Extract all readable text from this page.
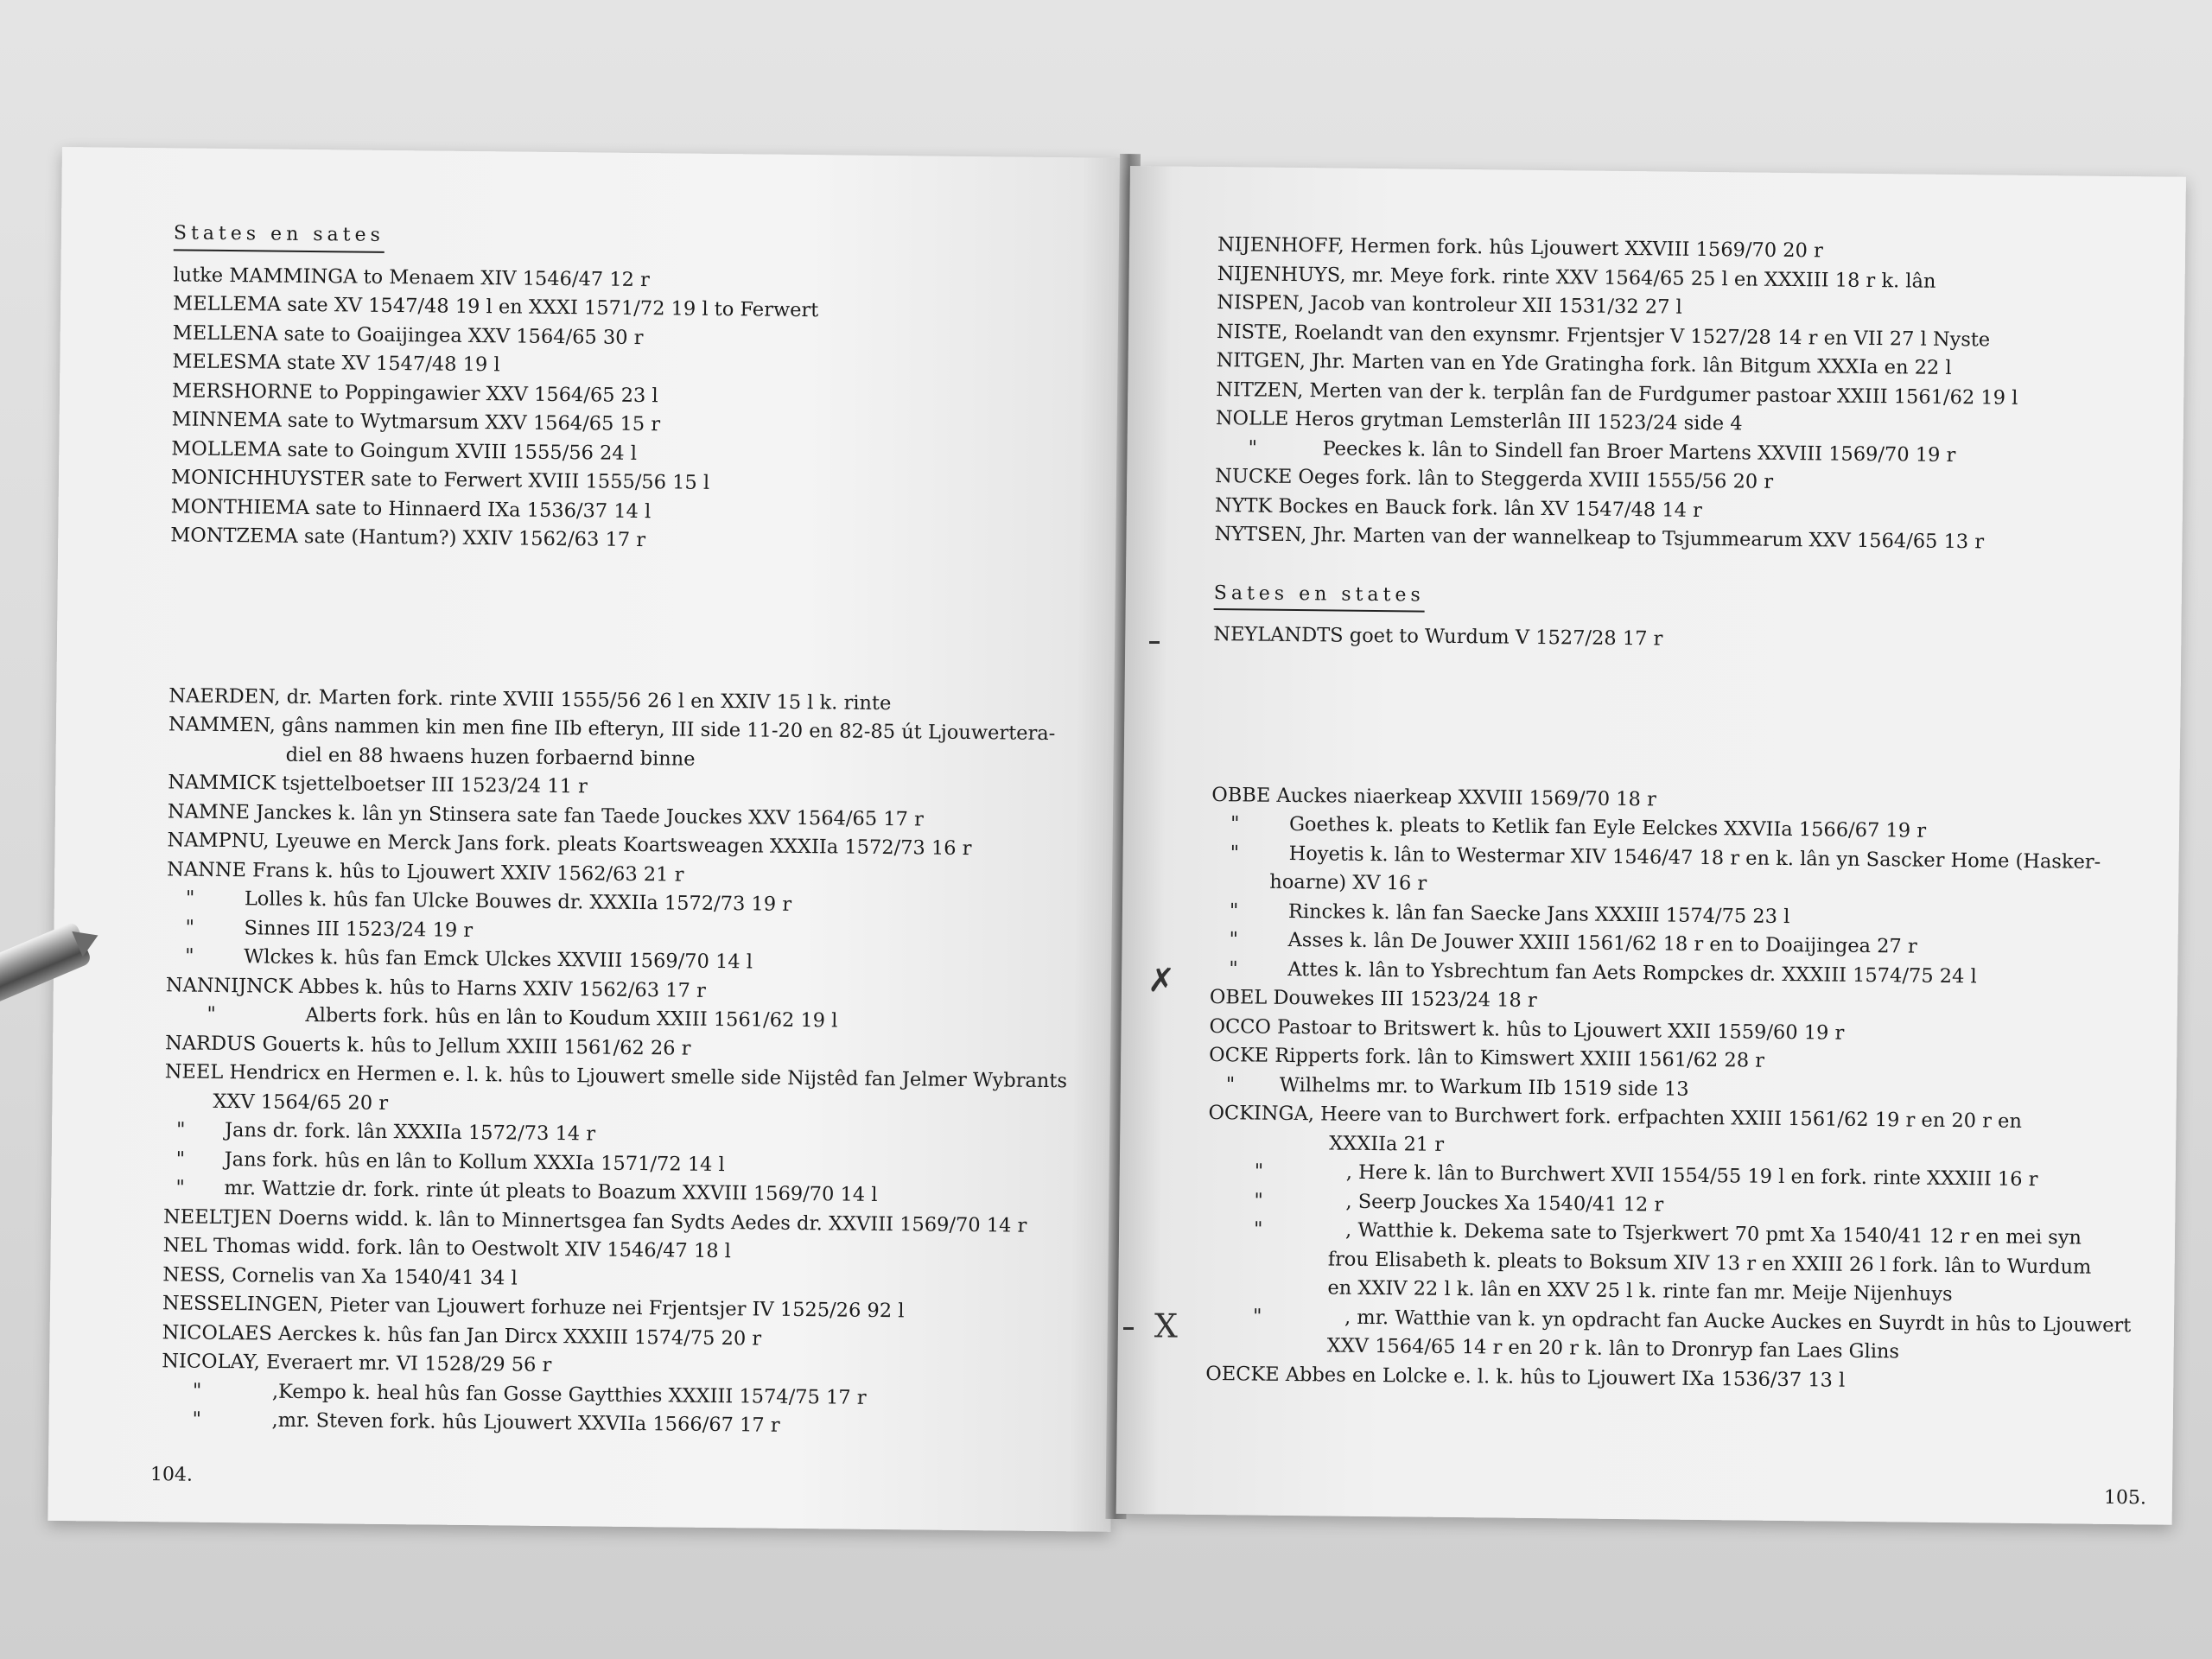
States en sates
lutke MAMMINGA to Menaem XIV 1546/47 12 r
MELLEMA sate XV 1547/48 19 l en XXXI 1571/72 19 l to Ferwert
MELLENA sate to Goaijingea XXV 1564/65 30 r
MELESMA state XV 1547/48 19 l
MERSHORNE to Poppingawier XXV 1564/65 23 l
MINNEMA sate to Wytmarsum XXV 1564/65 15 r
MOLLEMA sate to Goingum XVIII 1555/56 24 l
MONICHHUYSTER sate to Ferwert XVIII 1555/56 15 l
MONTHIEMA sate to Hinnaerd IXa 1536/37 14 l
MONTZEMA sate (Hantum?) XXIV 1562/63 17 r
NAERDEN, dr. Marten fork. rinte XVIII 1555/56 26 l en XXIV 15 l k. rinte
NAMMEN, gâns nammen kin men fine IIb efteryn, III side 11-20 en 82-85 út Ljouwertera-
diel en 88 hwaens huzen forbaernd binne
NAMMICK tsjettelboetser III 1523/24 11 r
NAMNE Janckes k. lân yn Stinsera sate fan Taede Jouckes XXV 1564/65 17 r
NAMPNU, Lyeuwe en Merck Jans fork. pleats Koartsweagen XXXIIa 1572/73 16 r
NANNE Frans k. hûs to Ljouwert XXIV 1562/63 21 r
"	Lolles k. hûs fan Ulcke Bouwes dr. XXXIIa 1572/73 19 r
"	Sinnes III 1523/24 19 r
"	Wlckes k. hûs fan Emck Ulckes XXVIII 1569/70 14 l
NANNIJNCK Abbes k. hûs to Harns XXIV 1562/63 17 r
"	Alberts fork. hûs en lân to Koudum XXIII 1561/62 19 l
NARDUS Gouerts k. hûs to Jellum XXIII 1561/62 26 r
NEEL Hendricx en Hermen e. l. k. hûs to Ljouwert smelle side Nijstêd fan Jelmer Wybrants
XXV 1564/65 20 r
" Jans dr. fork. lân XXXIIa 1572/73 14 r
" Jans fork. hûs en lân to Kollum XXXIa 1571/72 14 l
" mr. Wattzie dr. fork. rinte út pleats to Boazum XXVIII 1569/70 14 l
NEELTJEN Doerns widd. k. lân to Minnertsgea fan Sydts Aedes dr. XXVIII 1569/70 14 r
NEL Thomas widd. fork. lân to Oestwolt XIV 1546/47 18 l
NESS, Cornelis van Xa 1540/41 34 l
NESSELINGEN, Pieter van Ljouwert forhuze nei Frjentsjer IV 1525/26 92 l
NICOLAES Aerckes k. hûs fan Jan Dircx XXXIII 1574/75 20 r
NICOLAY, Everaert mr. VI 1528/29 56 r
"	,Kempo k. heal hûs fan Gosse Gaytthies XXXIII 1574/75 17 r
"	,mr. Steven fork. hûs Ljouwert XXVIIa 1566/67 17 r
104.
NIJENHOFF, Hermen fork. hûs Ljouwert XXVIII 1569/70 20 r
NIJENHUYS, mr. Meye fork. rinte XXV 1564/65 25 l en XXXIII 18 r k. lân
NISPEN, Jacob van kontroleur XII 1531/32 27 l
NISTE, Roelandt van den exynsmr. Frjentsjer V 1527/28 14 r en VII 27 l Nyste
NITGEN, Jhr. Marten van en Yde Gratingha fork. lân Bitgum XXXIa en 22 l
NITZEN, Merten van der k. terplân fan de Furdgumer pastoar XXIII 1561/62 19 l
NOLLE Heros grytman Lemsterlân III 1523/24 side 4
"	Peeckes k. lân to Sindell fan Broer Martens XXVIII 1569/70 19 r
NUCKE Oeges fork. lân to Steggerda XVIII 1555/56 20 r
NYTK Bockes en Bauck fork. lân XV 1547/48 14 r
NYTSEN, Jhr. Marten van der wannelkeap to Tsjummearum XXV 1564/65 13 r
Sates en states
NEYLANDTS goet to Wurdum V 1527/28 17 r
OBBE Auckes niaerkeap XXVIII 1569/70 18 r
"	Goethes k. pleats to Ketlik fan Eyle Eelckes XXVIIa 1566/67 19 r
"	Hoyetis k. lân to Westermar XIV 1546/47 18 r en k. lân yn Sascker Home (Hasker-
hoarne) XV 16 r
"	Rinckes k. lân fan Saecke Jans XXXIII 1574/75 23 l
"	Asses k. lân De Jouwer XXIII 1561/62 18 r en to Doaijingea 27 r
"	Attes k. lân to Ysbrechtum fan Aets Rompckes dr. XXXIII 1574/75 24 l
OBEL Douwekes III 1523/24 18 r
OCCO Pastoar to Britswert k. hûs to Ljouwert XXII 1559/60 19 r
OCKE Ripperts fork. lân to Kimswert XXIII 1561/62 28 r
" Wilhelms mr. to Warkum IIb 1519 side 13
OCKINGA, Heere van to Burchwert fork. erfpachten XXIII 1561/62 19 r en 20 r en
XXXIIa 21 r
"	, Here k. lân to Burchwert XVII 1554/55 19 l en fork. rinte XXXIII 16 r
"	, Seerp Jouckes Xa 1540/41 12 r
"	, Watthie k. Dekema sate to Tsjerkwert 70 pmt Xa 1540/41 12 r en mei syn
frou Elisabeth k. pleats to Boksum XIV 13 r en XXIII 26 l fork. lân to Wurdum
en XXIV 22 l k. lân en XXV 25 l k. rinte fan mr. Meije Nijenhuys
"	, mr. Watthie van k. yn opdracht fan Aucke Auckes en Suyrdt in hûs to Ljouwert
XXV 1564/65 14 r en 20 r k. lân to Dronryp fan Laes Glins
OECKE Abbes en Lolcke e. l. k. hûs to Ljouwert IXa 1536/37 13 l
✗
X
105.
